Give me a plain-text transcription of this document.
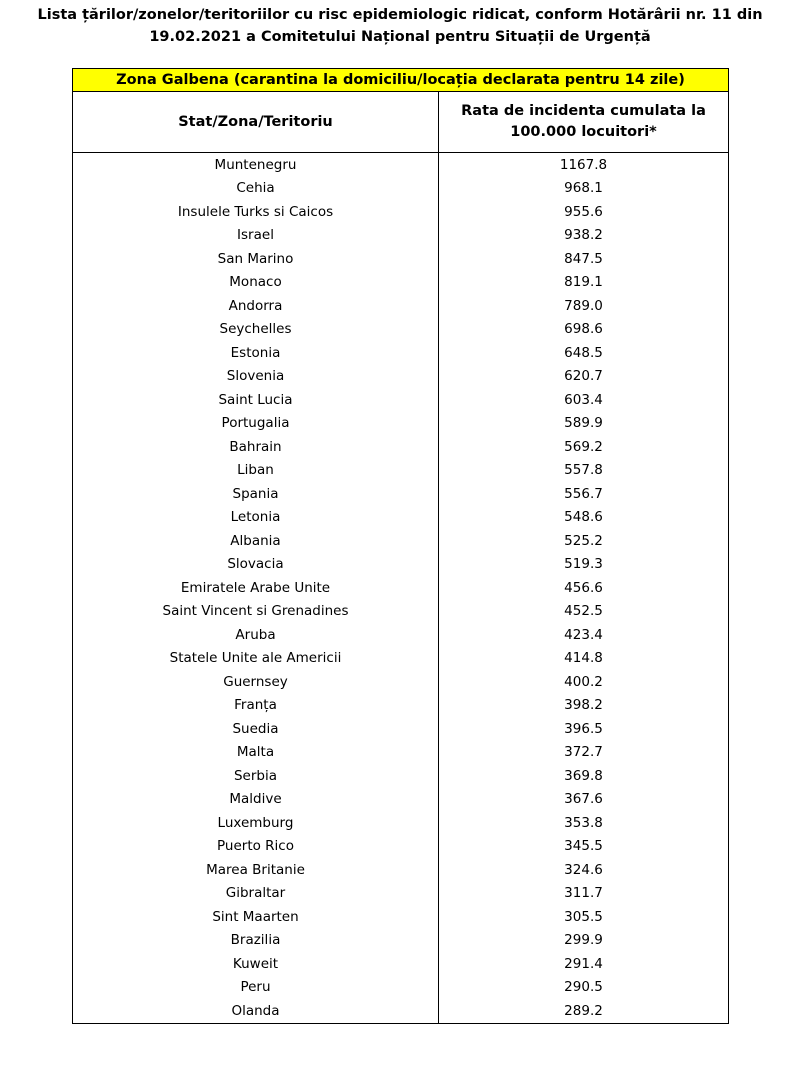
Lista țărilor/zonelor/teritoriilor cu risc epidemiologic ridicat, conform Hotărârii nr. 11 din
19.02.2021 a Comitetului Național pentru Situații de Urgență
Zona Galbena (carantina la domiciliu/locația declarata pentru 14 zile)	
Stat/Zona/Teritoriu	Rata de incidenta cumulata la 100.000 locuitori*

Muntenegru	1167.8
Cehia	968.1
Insulele Turks si Caicos	955.6
Israel	938.2
San Marino	847.5
Monaco	819.1
Andorra	789.0
Seychelles	698.6
Estonia	648.5
Slovenia	620.7
Saint Lucia	603.4
Portugalia	589.9
Bahrain	569.2
Liban	557.8
Spania	556.7
Letonia	548.6
Albania	525.2
Slovacia	519.3
Emiratele Arabe Unite	456.6
Saint Vincent si Grenadines	452.5
Aruba	423.4
Statele Unite ale Americii	414.8
Guernsey	400.2
Franța	398.2
Suedia	396.5
Malta	372.7
Serbia	369.8
Maldive	367.6
Luxemburg	353.8
Puerto Rico	345.5
Marea Britanie	324.6
Gibraltar	311.7
Sint Maarten	305.5
Brazilia	299.9
Kuweit	291.4
Peru	290.5
Olanda	289.2
